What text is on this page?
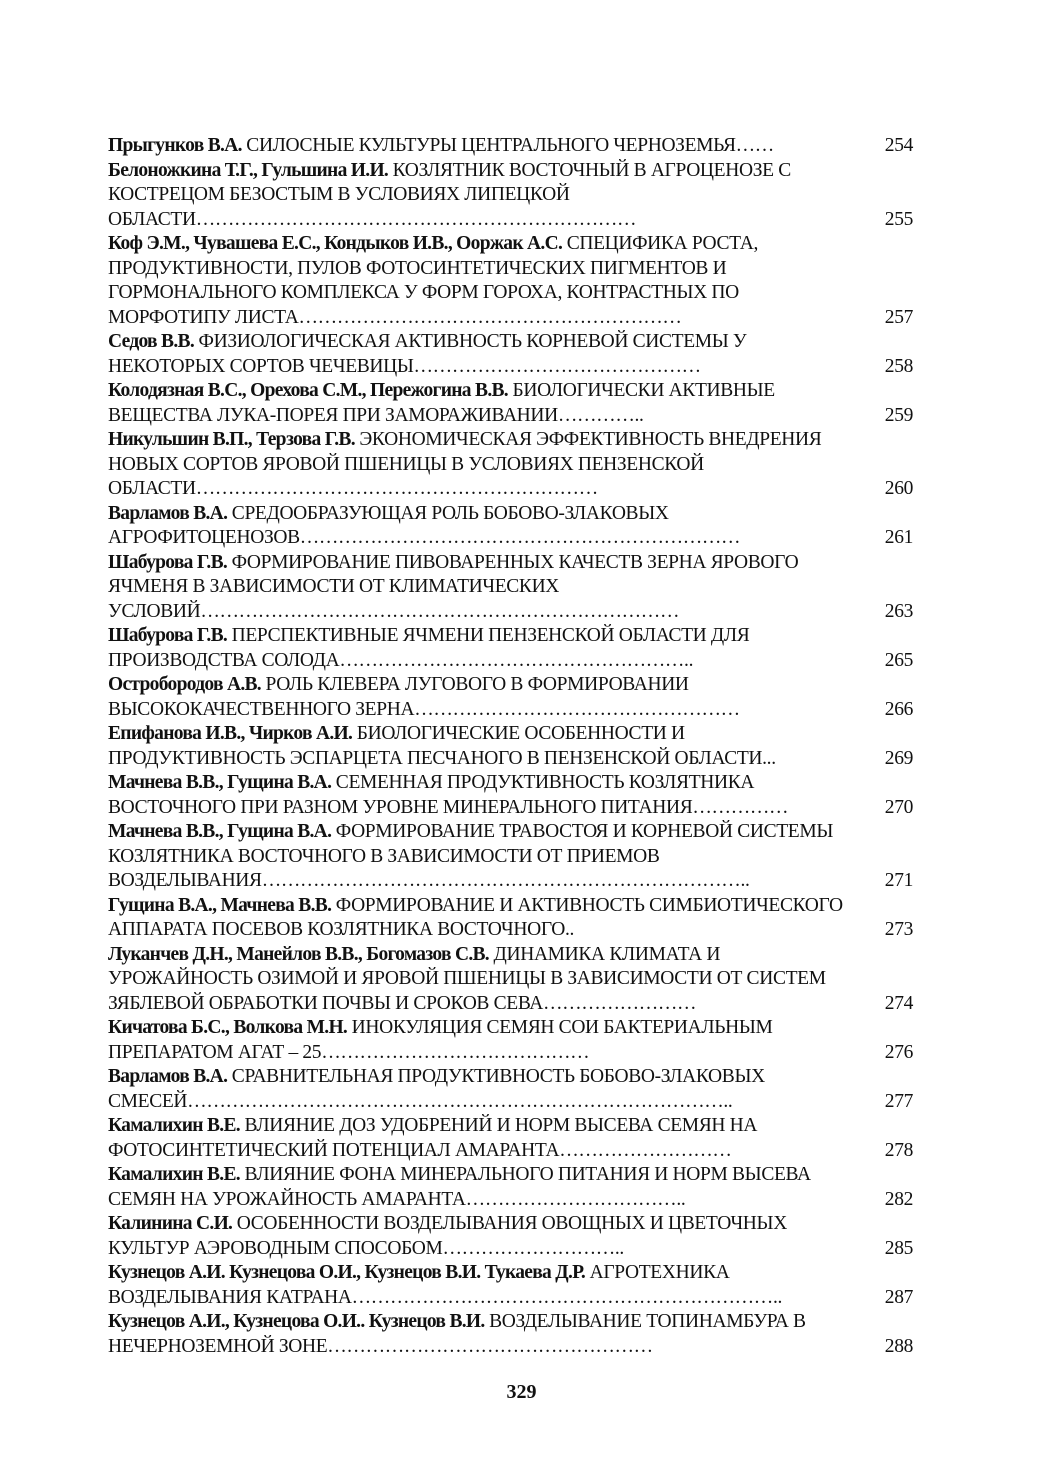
Прыгунков В.А. СИЛОСНЫЕ КУЛЬТУРЫ ЦЕНТРАЛЬНОГО ЧЕРНОЗЕМЬЯ……	254
Белоножкина Т.Г., Гульшина И.И. КОЗЛЯТНИК ВОСТОЧНЫЙ В АГРОЦЕНОЗЕ С КОСТРЕЦОМ БЕЗОСТЫМ В УСЛОВИЯХ ЛИПЕЦКОЙ ОБЛАСТИ……………………………………………………………	255
Коф Э.М., Чувашева Е.С., Кондыков И.В., Ооржак А.С. СПЕЦИФИКА РОСТА, ПРОДУКТИВНОСТИ, ПУЛОВ ФОТОСИНТЕТИЧЕСКИХ ПИГМЕНТОВ И ГОРМОНАЛЬНОГО КОМПЛЕКСА У ФОРМ ГОРОХА, КОНТРАСТНЫХ ПО МОРФОТИПУ ЛИСТА……………………………………………………	257
Седов В.В. ФИЗИОЛОГИЧЕСКАЯ АКТИВНОСТЬ КОРНЕВОЙ СИСТЕМЫ У НЕКОТОРЫХ СОРТОВ ЧЕЧЕВИЦЫ………………………………………	258
Колодязная В.С., Орехова С.М., Пережогина В.В. БИОЛОГИЧЕСКИ АКТИВНЫЕ ВЕЩЕСТВА ЛУКА-ПОРЕЯ ПРИ ЗАМОРАЖИВАНИИ…………..	259
Никульшин В.П., Терзова Г.В. ЭКОНОМИЧЕСКАЯ ЭФФЕКТИВНОСТЬ ВНЕДРЕНИЯ НОВЫХ СОРТОВ ЯРОВОЙ ПШЕНИЦЫ В УСЛОВИЯХ ПЕНЗЕНСКОЙ ОБЛАСТИ………………………………………………………	260
Варламов В.А. СРЕДООБРАЗУЮЩАЯ РОЛЬ БОБОВО-ЗЛАКОВЫХ АГРОФИТОЦЕНОЗОВ……………………………………………………………	261
Шабурова Г.В. ФОРМИРОВАНИЕ ПИВОВАРЕННЫХ КАЧЕСТВ ЗЕРНА ЯРОВОГО ЯЧМЕНЯ В ЗАВИСИМОСТИ ОТ КЛИМАТИЧЕСКИХ УСЛОВИЙ…………………………………………………………………	263
Шабурова Г.В. ПЕРСПЕКТИВНЫЕ ЯЧМЕНИ ПЕНЗЕНСКОЙ ОБЛАСТИ ДЛЯ ПРОИЗВОДСТВА СОЛОДА………………………………………………..	265
Остробородов А.В. РОЛЬ КЛЕВЕРА ЛУГОВОГО В ФОРМИРОВАНИИ ВЫСОКОКАЧЕСТВЕННОГО ЗЕРНА……………………………………………	266
Епифанова И.В., Чирков А.И. БИОЛОГИЧЕСКИЕ ОСОБЕННОСТИ И ПРОДУКТИВНОСТЬ ЭСПАРЦЕТА ПЕСЧАНОГО В ПЕНЗЕНСКОЙ ОБЛАСТИ...	269
Мачнева В.В., Гущина В.А. СЕМЕННАЯ ПРОДУКТИВНОСТЬ КОЗЛЯТНИКА ВОСТОЧНОГО ПРИ РАЗНОМ УРОВНЕ МИНЕРАЛЬНОГО ПИТАНИЯ……………	270
Мачнева В.В., Гущина В.А. ФОРМИРОВАНИЕ ТРАВОСТОЯ И КОРНЕВОЙ СИСТЕМЫ КОЗЛЯТНИКА ВОСТОЧНОГО В ЗАВИСИМОСТИ ОТ ПРИЕМОВ ВОЗДЕЛЫВАНИЯ…………………………………………………………………..	271
Гущина В.А., Мачнева В.В. ФОРМИРОВАНИЕ И АКТИВНОСТЬ СИМБИОТИЧЕСКОГО АППАРАТА ПОСЕВОВ КОЗЛЯТНИКА ВОСТОЧНОГО..	273
Луканчев Д.Н., Манейлов В.В., Богомазов С.В. ДИНАМИКА КЛИМАТА И УРОЖАЙНОСТЬ ОЗИМОЙ И ЯРОВОЙ ПШЕНИЦЫ В ЗАВИСИМОСТИ ОТ СИСТЕМ ЗЯБЛЕВОЙ ОБРАБОТКИ ПОЧВЫ И СРОКОВ СЕВА……………………	274
Кичатова Б.С., Волкова М.Н. ИНОКУЛЯЦИЯ СЕМЯН СОИ БАКТЕРИАЛЬНЫМ ПРЕПАРАТОМ АГАТ – 25……………………………………	276
Варламов В.А. СРАВНИТЕЛЬНАЯ ПРОДУКТИВНОСТЬ БОБОВО-ЗЛАКОВЫХ СМЕСЕЙ…………………………………………………………………………..	277
Камалихин В.Е. ВЛИЯНИЕ ДОЗ УДОБРЕНИЙ И НОРМ ВЫСЕВА СЕМЯН НА ФОТОСИНТЕТИЧЕСКИЙ ПОТЕНЦИАЛ АМАРАНТА………………………	278
Камалихин В.Е. ВЛИЯНИЕ ФОНА МИНЕРАЛЬНОГО ПИТАНИЯ И НОРМ ВЫСЕВА СЕМЯН НА УРОЖАЙНОСТЬ АМАРАНТА……………………………..	282
Калинина С.И. ОСОБЕННОСТИ ВОЗДЕЛЫВАНИЯ ОВОЩНЫХ И ЦВЕТОЧНЫХ КУЛЬТУР АЭРОВОДНЫМ СПОСОБОМ………………………..	285
Кузнецов А.И. Кузнецова О.И., Кузнецов В.И. Тукаева Д.Р. АГРОТЕХНИКА ВОЗДЕЛЫВАНИЯ КАТРАНА…………………………………………………………..	287
Кузнецов А.И., Кузнецова О.И.. Кузнецов В.И. ВОЗДЕЛЫВАНИЕ ТОПИНАМБУРА В НЕЧЕРНОЗЕМНОЙ ЗОНЕ……………………………………………	288
329
